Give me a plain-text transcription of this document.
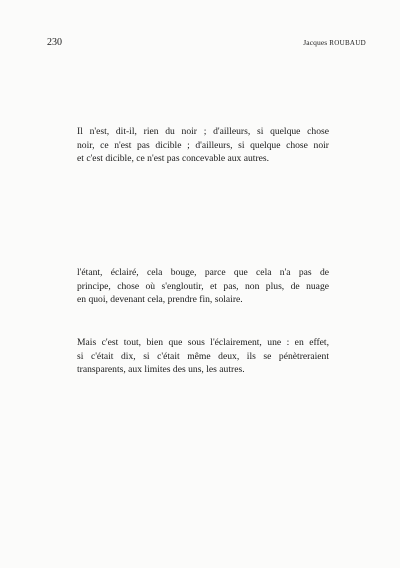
230	Jacques ROUBAUD

Il n'est, dit-il, rien du noir ; d'ailleurs, si quelque chose
noir, ce n'est pas dicible ; d'ailleurs, si quelque chose noir
et c'est dicible, ce n'est pas concevable aux autres.

l'étant, éclairé, cela bouge, parce que cela n'a pas de
principe, chose où s'engloutir, et pas, non plus, de nuage
en quoi, devenant cela, prendre fin, solaire.

Mais c'est tout, bien que sous l'éclairement, une : en effet,
si c'était dix, si c'était même deux, ils se pénètreraient
transparents, aux limites des uns, les autres.
